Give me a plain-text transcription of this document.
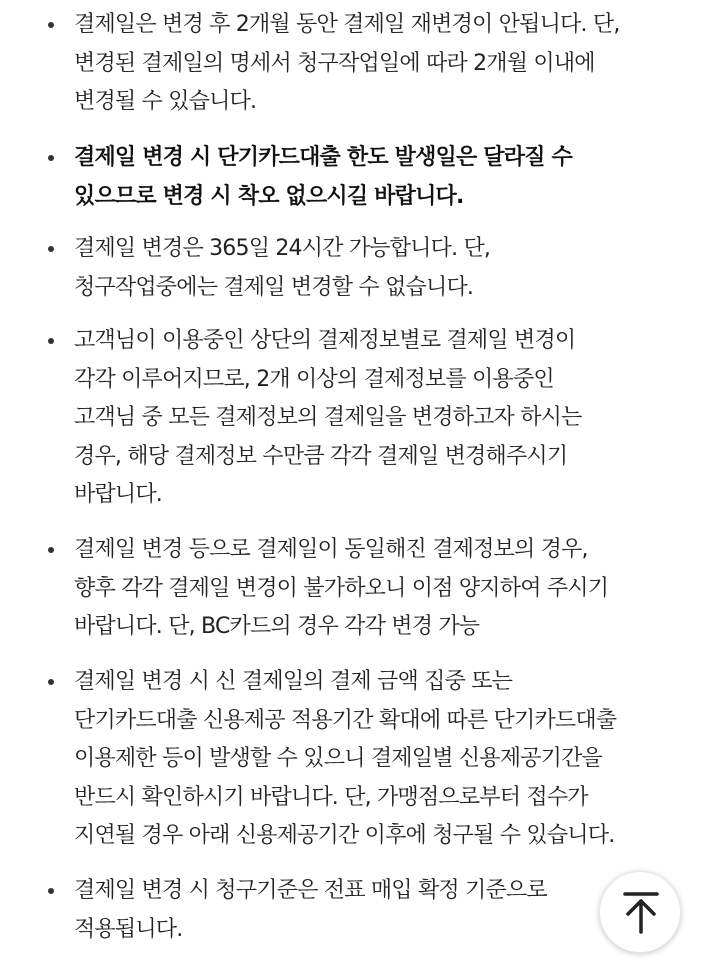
결제일은 변경 후 2개월 동안 결제일 재변경이 안됩니다. 단,
변경된 결제일의 명세서 청구작업일에 따라 2개월 이내에
변경될 수 있습니다.

결제일 변경 시 단기카드대출 한도 발생일은 달라질 수
있으므로 변경 시 착오 없으시길 바랍니다.

결제일 변경은 365일 24시간 가능합니다. 단,
청구작업중에는 결제일 변경할 수 없습니다.

고객님이 이용중인 상단의 결제정보별로 결제일 변경이
각각 이루어지므로, 2개 이상의 결제정보를 이용중인
고객님 중 모든 결제정보의 결제일을 변경하고자 하시는
경우, 해당 결제정보 수만큼 각각 결제일 변경해주시기
바랍니다.

결제일 변경 등으로 결제일이 동일해진 결제정보의 경우,
향후 각각 결제일 변경이 불가하오니 이점 양지하여 주시기
바랍니다. 단, BC카드의 경우 각각 변경 가능

결제일 변경 시 신 결제일의 결제 금액 집중 또는
단기카드대출 신용제공 적용기간 확대에 따른 단기카드대출
이용제한 등이 발생할 수 있으니 결제일별 신용제공기간을
반드시 확인하시기 바랍니다. 단, 가맹점으로부터 접수가
지연될 경우 아래 신용제공기간 이후에 청구될 수 있습니다.

결제일 변경 시 청구기준은 전표 매입 확정 기준으로
적용됩니다.
